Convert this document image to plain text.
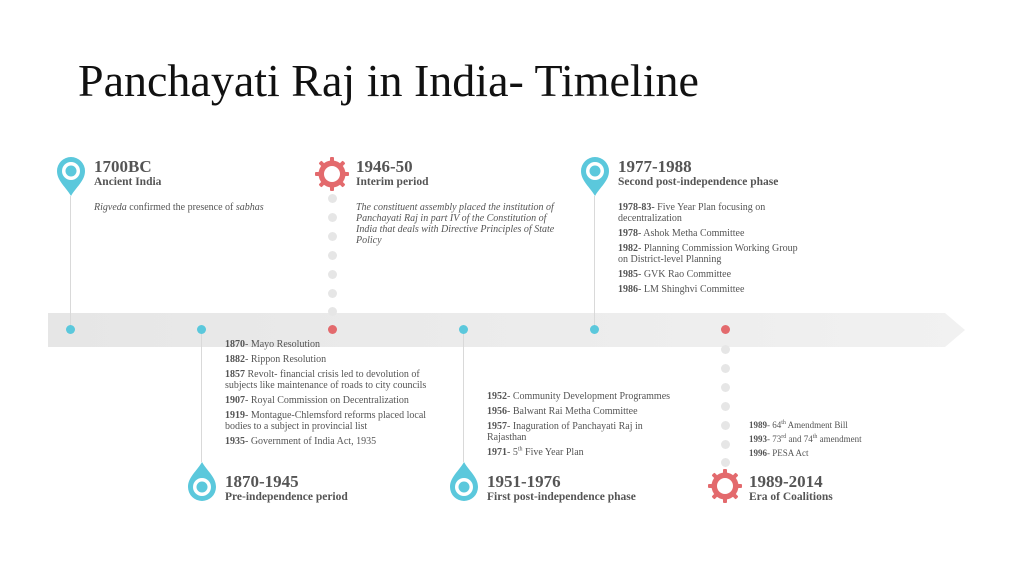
Panchayati Raj in India- Timeline
1700BC
Ancient India
1946-50
Interim period
1977-1988
Second post-independence phase
1870-1945
Pre-independence period
1951-1976
First post-independence phase
1989-2014
Era of Coalitions
Rigveda confirmed the presence of sabhas	The constituent assembly placed the institution of Panchayati Raj in part IV of the Constitution of India that deals with Directive Principles of State Policy
1978-83- Five Year Plan focusing on decentralization
1978- Ashok Metha Committee
1982- Planning Commission Working Group on District-level Planning
1985- GVK Rao Committee
1986- LM Shinghvi Committee
1870- Mayo Resolution
1882- Rippon Resolution
1857 Revolt- financial crisis led to devolution of subjects like maintenance of roads to city councils
1907- Royal Commission on Decentralization
1919- Montague-Chlemsford reforms placed local bodies to a subject in provincial list
1935- Government of India Act, 1935
1952- Community Development Programmes
1956- Balwant Rai Metha Committee
1957- Inaguration of Panchayati Raj in Rajasthan
1971- 5th Five Year Plan
1989- 64th Amendment Bill
1993- 73rd and 74th amendment
1996- PESA Act
